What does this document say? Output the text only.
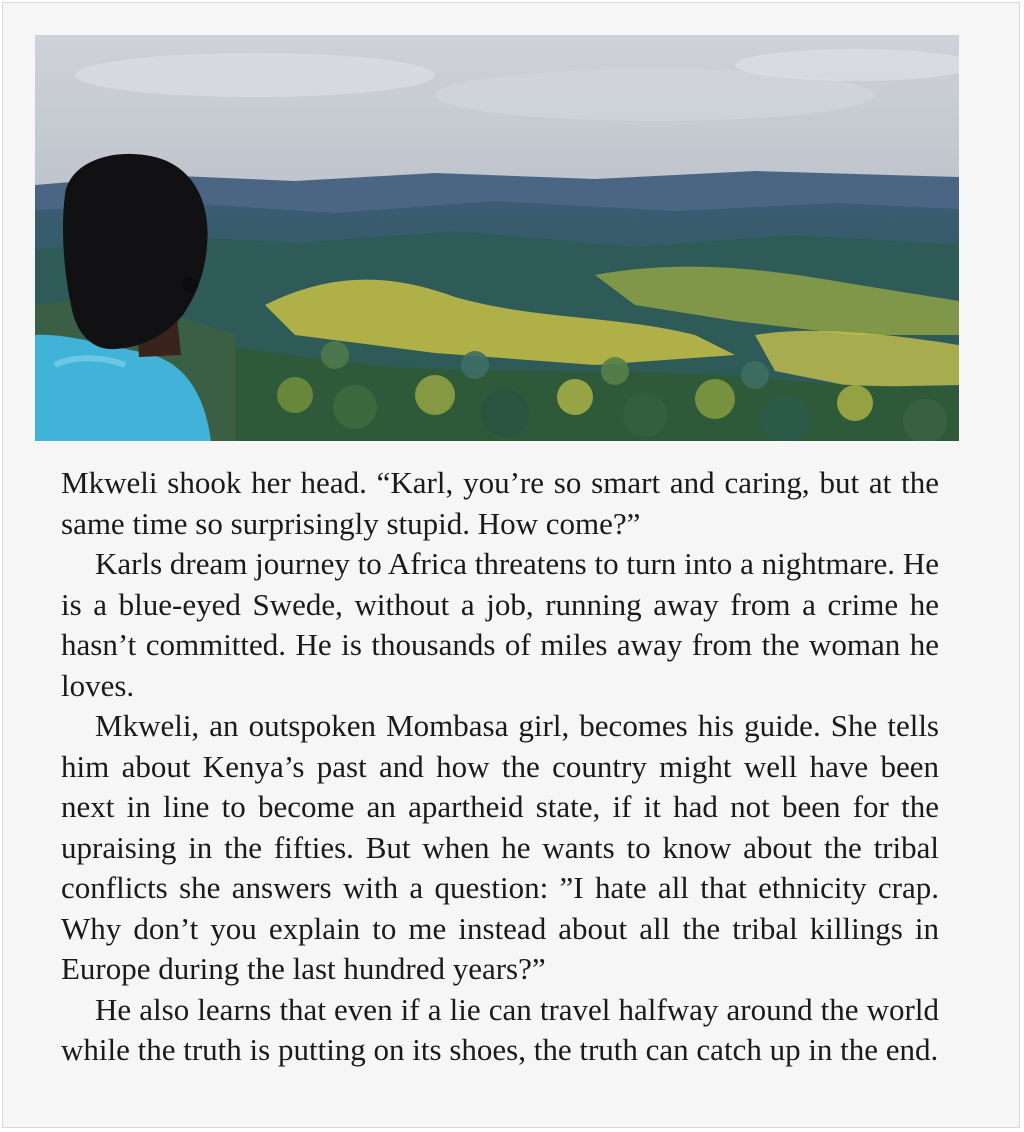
Mkweli shook her head. “Karl, you’re so smart and caring, but at the same time so surprisingly stupid. How come?”

Karls dream journey to Africa threatens to turn into a nightmare. He is a blue-eyed Swede, without a job, running away from a crime he hasn’t committed. He is thousands of miles away from the woman he loves.

Mkweli, an outspoken Mombasa girl, becomes his guide. She tells him about Kenya’s past and how the country might well have been next in line to become an apartheid state, if it had not been for the upraising in the fifties. But when he wants to know about the tribal conflicts she answers with a question: ”I hate all that ethnicity crap. Why don’t you explain to me instead about all the tribal killings in Europe during the last hundred years?”

He also learns that even if a lie can travel halfway around the world while the truth is putting on its shoes, the truth can catch up in the end.
